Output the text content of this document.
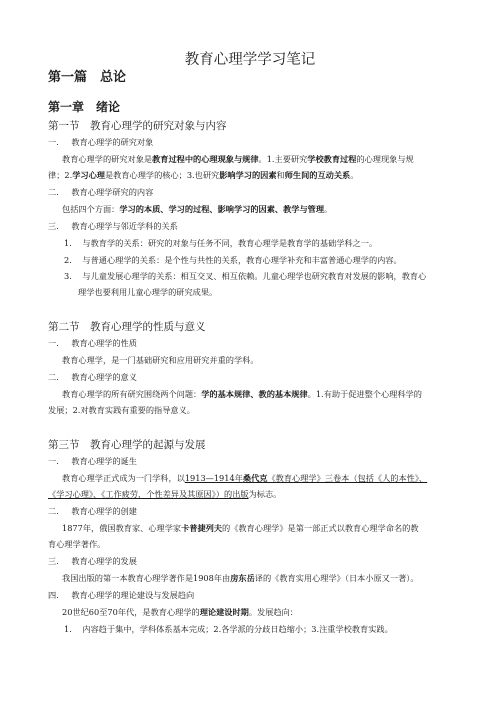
教育心理学学习笔记
第一篇　总论
第一章　绪论
第一节　教育心理学的研究对象与内容
一. 教育心理学的研究对象
教育心理学的研究对象是教育过程中的心理现象与规律。1.主要研究学校教育过程的心理现象与规
律；2.学习心理是教育心理学的核心；3.也研究影响学习的因素和师生间的互动关系。
二. 教育心理学研究的内容
包括四个方面：学习的本质、学习的过程、影响学习的因素、教学与管理。
三. 教育心理学与邻近学科的关系
1. 与教育学的关系：研究的对象与任务不同，教育心理学是教育学的基础学科之一。
2. 与普通心理学的关系：是个性与共性的关系，教育心理学补充和丰富普通心理学的内容。
3. 与儿童发展心理学的关系：相互交叉、相互依赖。儿童心理学也研究教育对发展的影响，教育心
理学也要利用儿童心理学的研究成果。
第二节　教育心理学的性质与意义
一. 教育心理学的性质
教育心理学，是一门基础研究和应用研究并重的学科。
二. 教育心理学的意义
教育心理学的所有研究围绕两个问题：学的基本规律、教的基本规律。1.有助于促进整个心理科学的
发展；2.对教育实践有重要的指导意义。
第三节　教育心理学的起源与发展
一. 教育心理学的诞生
教育心理学正式成为一门学科，以1913—1914年桑代克《教育心理学》三卷本（包括《人的本性》、
《学习心理》、《工作疲劳，个性差异及其原因》）的出版为标志。
二. 教育心理学的创建
1877年，俄国教育家、心理学家卡普捷列夫的《教育心理学》是第一部正式以教育心理学命名的教
育心理学著作。
三. 教育心理学的发展
我国出版的第一本教育心理学著作是1908年由房东岳译的《教育实用心理学》（日本小原又一著）。
四. 教育心理学的理论建设与发展趋向
20世纪60至70年代，是教育心理学的理论建设时期。发展趋向：
1. 内容趋于集中，学科体系基本完成；2.各学派的分歧日趋缩小；3.注重学校教育实践。
